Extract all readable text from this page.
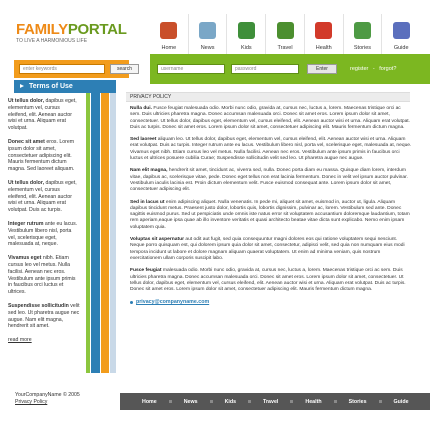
FAMILYPORTAL
TO LIVE A HARMONIOUS LIFE
Home	News	Kids	Travel	Health	Stories	Guide
username	password	Enter	register - forgot?
enter keywords	search
Terms of Use
Ut tellus dolor, dapibus eget, elementum vel, cursus eleifend, elit. Aenean auctor wisi et urna. Aliquam erat volutpat.
Donec sit amet eros. Lorem ipsum dolor sit amet, consectetuer adipiscing elit. Mauris fermentum dictum magna. Sed laoreet aliquam.
Ut tellus dolor, dapibus eget, elementum vel, cursus eleifend, elit. Aenean auctor wisi et urna. Aliquam erat volutpat. Duis ac turpis.
Integer rutrum ante eu lacus. Vestibulum libero nisl, porta vel, scelerisque eget, malesuada at, neque.
Vivamus eget nibh. Etiam cursus leo vel metus. Nulla facilisi. Aenean nec eros. Vestibulum ante ipsum primis in faucibus orci luctus et ultrices.
Suspendisse sollicitudin velit sed leo. Ut pharetra augue nec augue. Nam elit magna, hendrerit sit amet.
read more
PRIVACY POLICY
Nulla dui. Fusce feugiat malesuada odio. Morbi nunc odio, gravida at, cursus nec, luctus a, lorem. Maecenas tristique orci ac sem. Duis ultricies pharetra magna. Donec accumsan malesuada orci. Donec sit amet eros. Lorem ipsum dolor sit amet, consectetuer. Ut tellus dolor, dapibus eget, elementum vel, cursus eleifend, elit. Aenean auctor wisi et urna. Aliquam erat volutpat. Duis ac turpis. Donec sit amet eros. Lorem ipsum dolor sit amet, consectetuer adipiscing elit. Mauris fermentum dictum magna.
Sed laoreet aliquam leo. Ut tellus dolor, dapibus eget, elementum vel, cursus eleifend, elit. Aenean auctor wisi et urna. Aliquam erat volutpat. Duis ac turpis. Integer rutrum ante eu lacus. Vestibulum libero nisl, porta vel, scelerisque eget, malesuada at, neque. Vivamus eget nibh. Etiam cursus leo vel metus. Nulla facilisi. Aenean nec eros. Vestibulum ante ipsum primis in faucibus orci luctus et ultrices posuere cubilia Curae; Suspendisse sollicitudin velit sed leo. Ut pharetra augue nec augue.
Nam elit magna, hendrerit sit amet, tincidunt ac, viverra sed, nulla. Donec porta diam eu massa. Quisque diam lorem, interdum vitae, dapibus ac, scelerisque vitae, pede. Donec eget tellus non erat lacinia fermentum. Donec in velit vel ipsum auctor pulvinar. Vestibulum iaculis lacinia est. Proin dictum elementum velit. Fusce euismod consequat ante. Lorem ipsum dolor sit amet, consectetuer adipiscing elit.
Sed in lacus ut enim adipiscing aliquet. Nulla venenatis. In pede mi, aliquet sit amet, euismod in, auctor ut, ligula. Aliquam dapibus tincidunt metus. Praesent justo dolor, lobortis quis, lobortis dignissim, pulvinar ac, lorem. Vestibulum sed ante. Donec sagittis euismod purus. Sed ut perspiciatis unde omnis iste natus error sit voluptatem accusantium doloremque laudantium, totam rem aperiam,eaque ipsa quae ab illo inventore veritatis et quasi architecto beatae vitae dicta sunt explicabo. Nemo enim ipsam voluptatem quia.
Voluptas sit aspernatur aut odit aut fugit, sed quia consequuntur magni dolores eos qui ratione voluptatem sequi nesciunt. Neque porro quisquam est, qui dolorem ipsum quia dolor sit amet, consectetur, adipisci velit, sed quia non numquam eius modi tempora incidunt ut labore et dolore magnam aliquam quaerat voluptatem. Ut enim ad minima veniam, quis nostrum exercitationem ullam corporis suscipit labo.
Fusce feugiat malesuada odio. Morbi nunc odio, gravida at, cursus nec, luctus a, lorem. Maecenas tristique orci ac sem. Duis ultricies pharetra magna. Donec accumsan malesuada orci. Donec sit amet eros. Lorem ipsum dolor sit amet, consectetuer. Ut tellus dolor, dapibus eget, elementum vel, cursus eleifend, elit. Aenean auctor wisi et urna. Aliquam erat volutpat. Duis ac turpis. Donec sit amet eros. Lorem ipsum dolor sit amet, consectetuer adipiscing elit. Mauris fermentum dictum magna.
privacy@companyname.com
YourCompanyName © 2005
Privacy Policy	Home	News	Kids	Travel	Health	Stories	Guide
